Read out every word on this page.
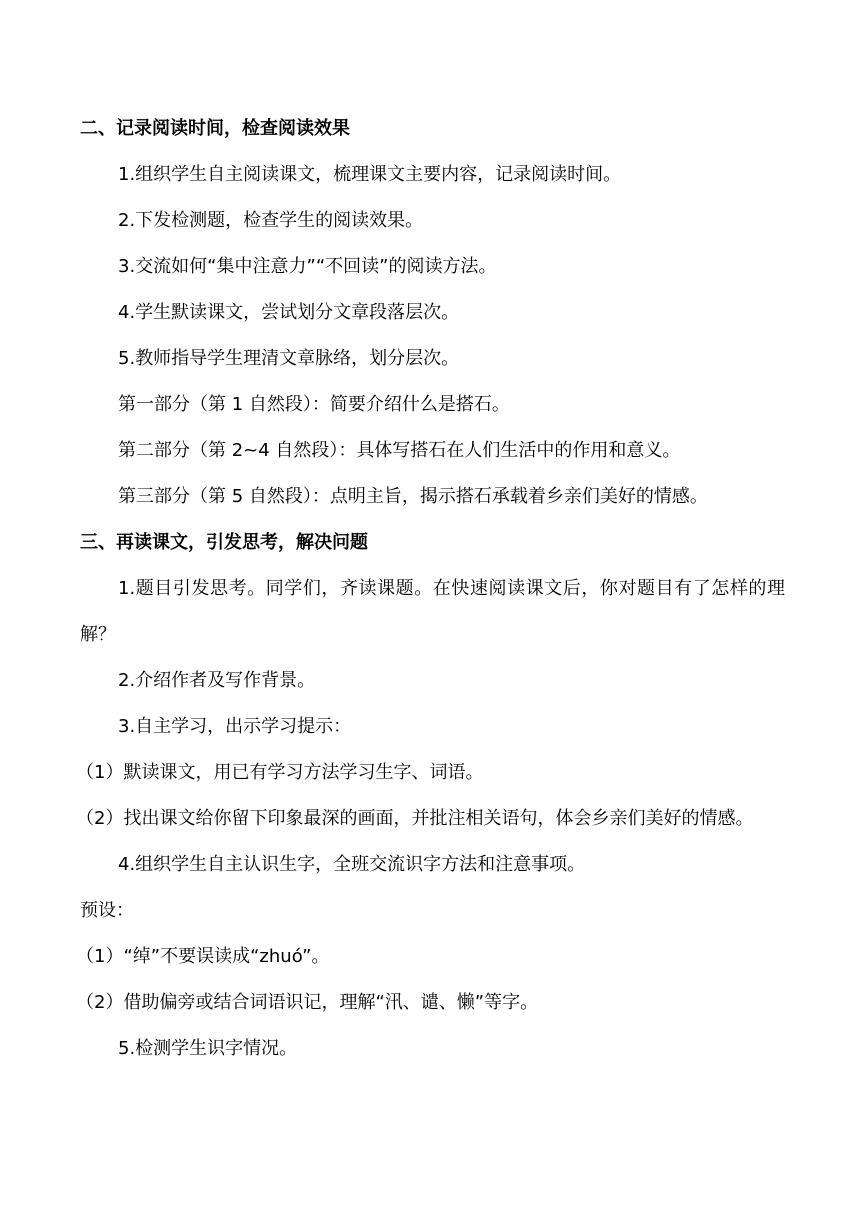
二、记录阅读时间，检查阅读效果

1.组织学生自主阅读课文，梳理课文主要内容，记录阅读时间。

2.下发检测题，检查学生的阅读效果。

3.交流如何“集中注意力”“不回读”的阅读方法。

4.学生默读课文，尝试划分文章段落层次。

5.教师指导学生理清文章脉络，划分层次。

第一部分（第 1 自然段）：简要介绍什么是搭石。

第二部分（第 2~4 自然段）：具体写搭石在人们生活中的作用和意义。

第三部分（第 5 自然段）：点明主旨，揭示搭石承载着乡亲们美好的情感。

三、再读课文，引发思考，解决问题

1.题目引发思考。同学们，齐读课题。在快速阅读课文后，你对题目有了怎样的理解？

2.介绍作者及写作背景。

3.自主学习，出示学习提示：

（1）默读课文，用已有学习方法学习生字、词语。

（2）找出课文给你留下印象最深的画面，并批注相关语句，体会乡亲们美好的情感。

4.组织学生自主认识生字，全班交流识字方法和注意事项。

预设：

（1）“绰”不要误读成“zhuó”。

（2）借助偏旁或结合词语识记，理解“汛、谴、懒”等字。

5.检测学生识字情况。
